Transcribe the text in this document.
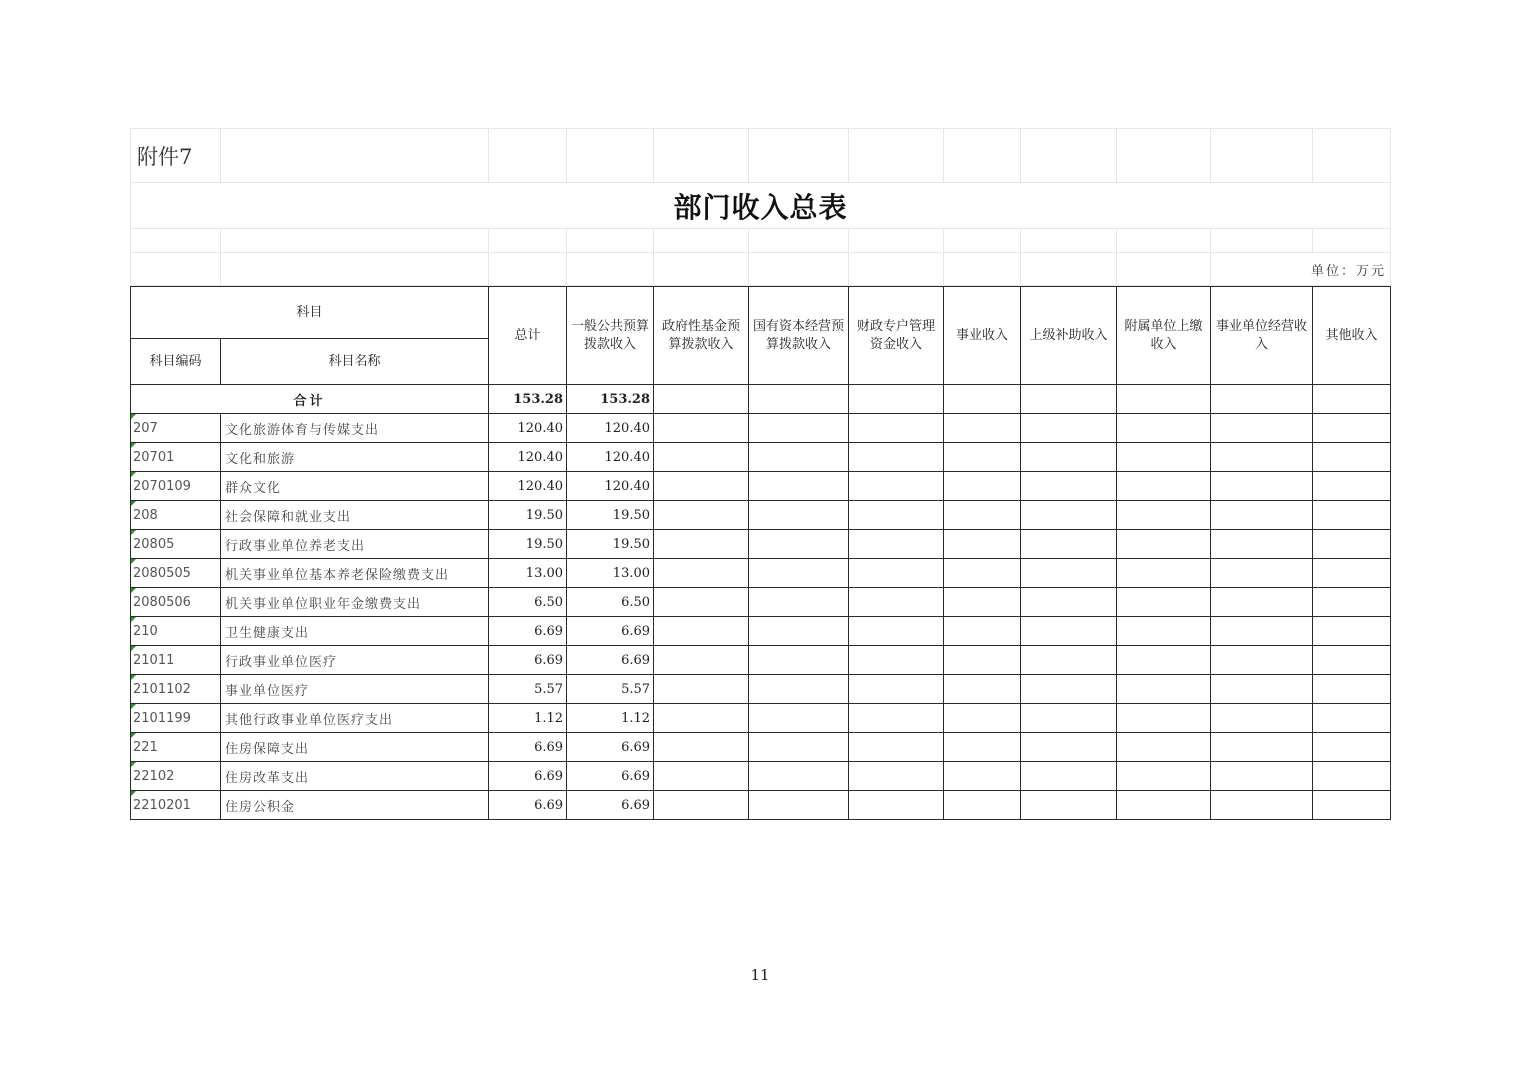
附件7											
部门收入总表											

										单位：万元	
科目		总计	一般公共预算拨款收入	政府性基金预算拨款收入	国有资本经营预算拨款收入	财政专户管理资金收入	事业收入	上级补助收入	附属单位上缴收入	事业单位经营收入	其他收入
科目编码	科目名称										
合计		153.28	153.28								
207	文化旅游体育与传媒支出	120.40	120.40								
20701	文化和旅游	120.40	120.40								
2070109	群众文化	120.40	120.40								
208	社会保障和就业支出	19.50	19.50								
20805	行政事业单位养老支出	19.50	19.50								
2080505	机关事业单位基本养老保险缴费支出	13.00	13.00								
2080506	机关事业单位职业年金缴费支出	6.50	6.50								
210	卫生健康支出	6.69	6.69								
21011	行政事业单位医疗	6.69	6.69								
2101102	事业单位医疗	5.57	5.57								
2101199	其他行政事业单位医疗支出	1.12	1.12								
221	住房保障支出	6.69	6.69								
22102	住房改革支出	6.69	6.69								
2210201	住房公积金	6.69	6.69								
11
